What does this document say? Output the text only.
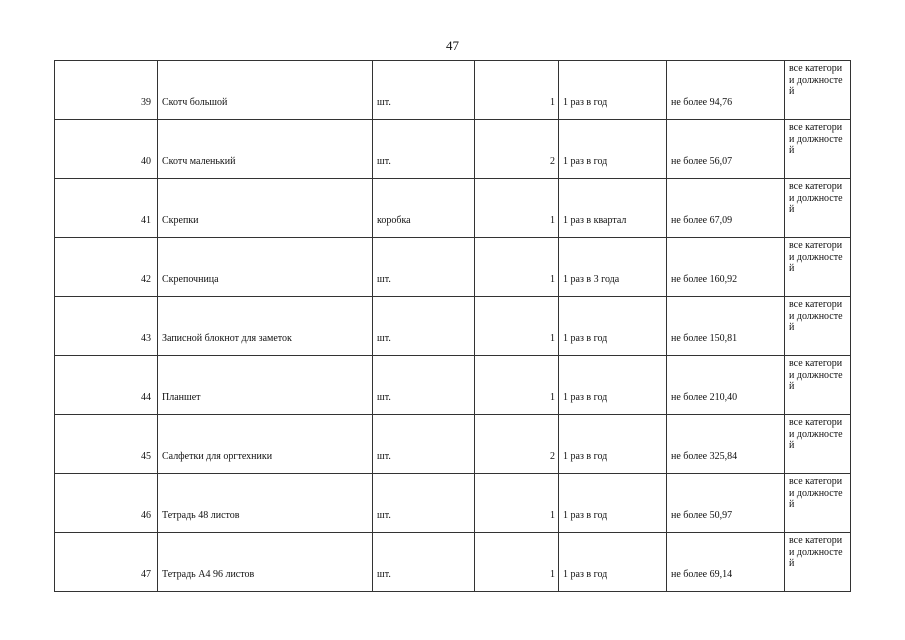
47
39	Скотч большой	шт.	1	1 раз в год	не более 94,76	все категории должностей

40	Скотч маленький	шт.	2	1 раз в год	не более 56,07	все категории должностей

41	Скрепки	коробка	1	1 раз в квартал	не более 67,09	все категории должностей

42	Скрепочница	шт.	1	1 раз в 3 года	не более 160,92	все категории должностей

43	Записной блокнот для заметок	шт.	1	1 раз в год	не более 150,81	все категории должностей

44	Планшет	шт.	1	1 раз в год	не более 210,40	все категории должностей

45	Салфетки для оргтехники	шт.	2	1 раз в год	не более 325,84	все категории должностей

46	Тетрадь 48 листов	шт.	1	1 раз в год	не более 50,97	все категории должностей

47	Тетрадь А4 96 листов	шт.	1	1 раз в год	не более 69,14	все категории должностей
